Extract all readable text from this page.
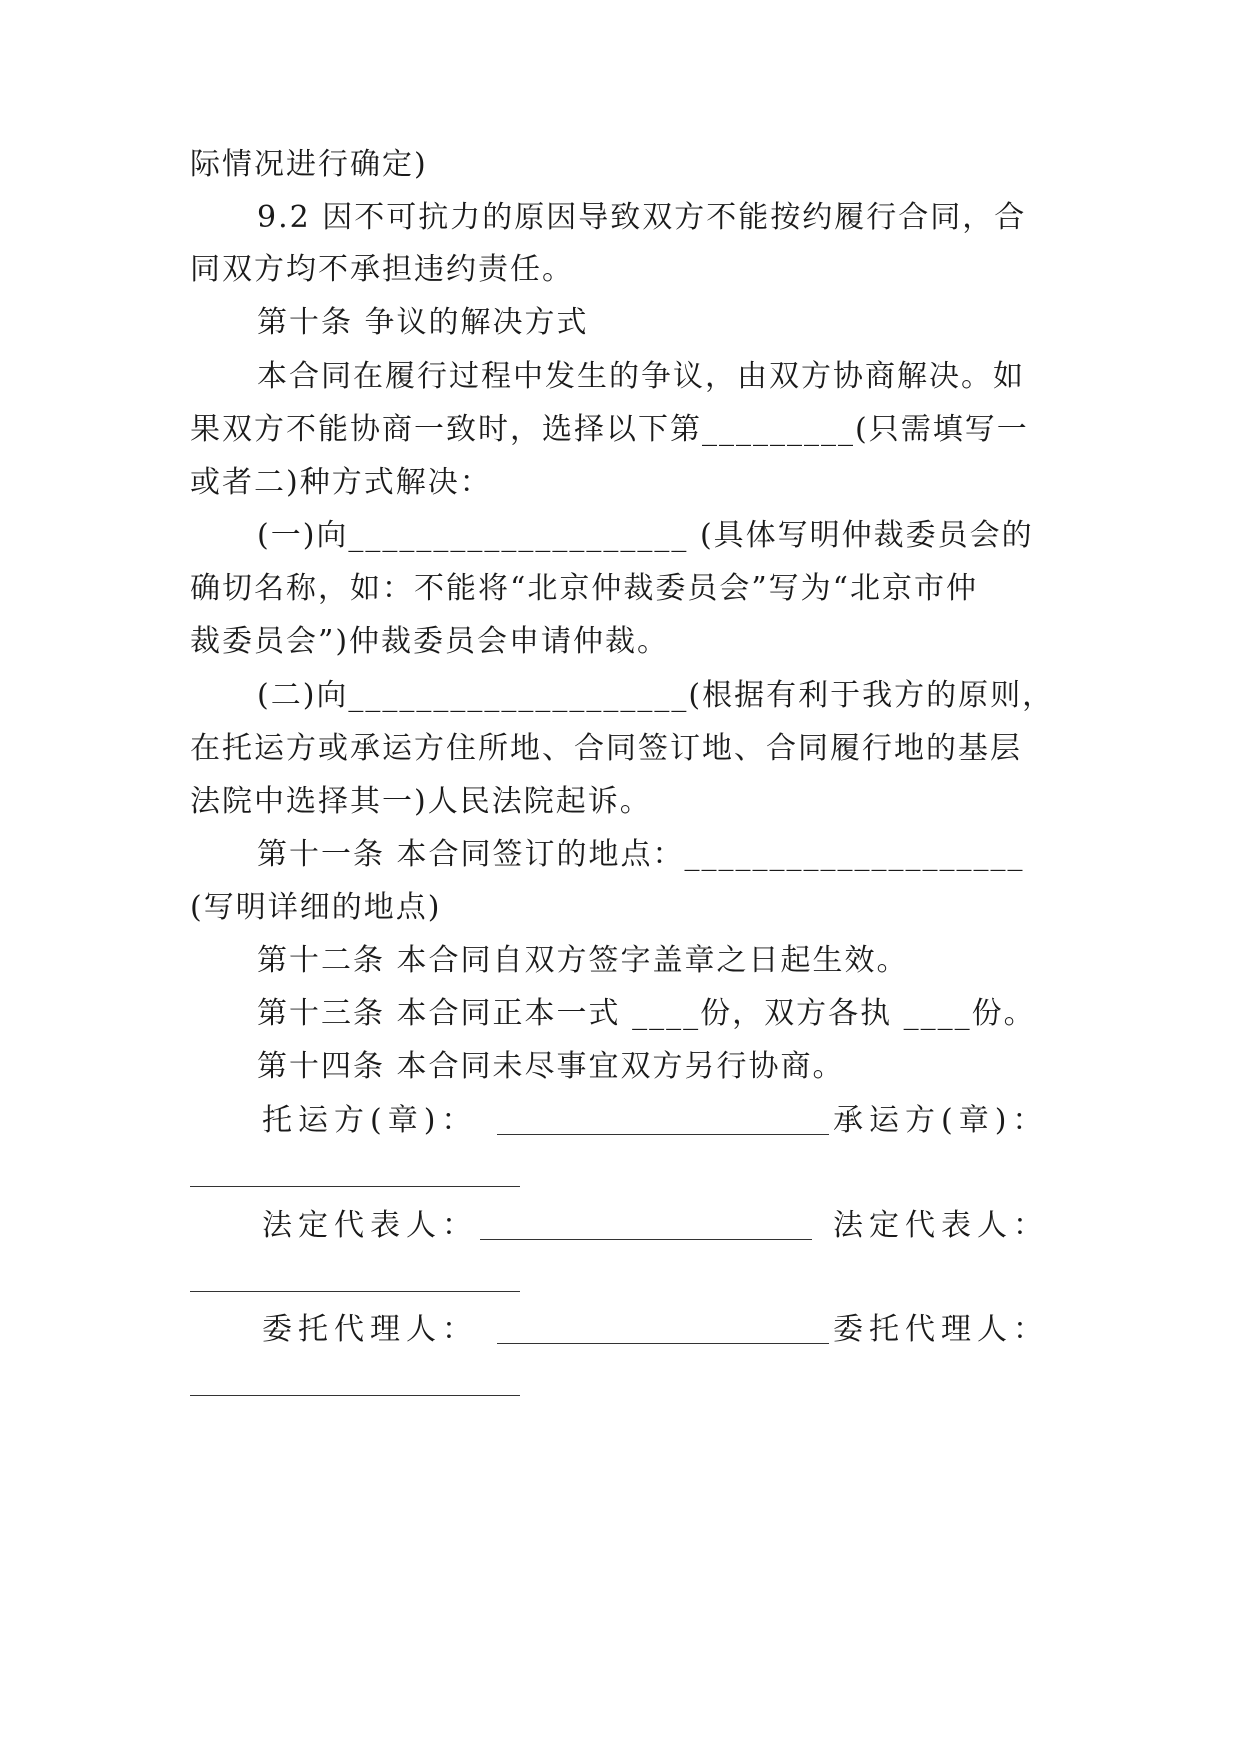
际情况进行确定)
9.2 因不可抗力的原因导致双方不能按约履行合同，合
同双方均不承担违约责任。
第十条 争议的解决方式
本合同在履行过程中发生的争议，由双方协商解决。如
果双方不能协商一致时，选择以下第_________(只需填写一
或者二)种方式解决：
(一)向____________________ (具体写明仲裁委员会的
确切名称，如：不能将“北京仲裁委员会”写为“北京市仲
裁委员会”)仲裁委员会申请仲裁。
(二)向____________________(根据有利于我方的原则，
在托运方或承运方住所地、合同签订地、合同履行地的基层
法院中选择其一)人民法院起诉。
第十一条 本合同签订的地点：____________________
(写明详细的地点)
第十二条 本合同自双方签字盖章之日起生效。
第十三条 本合同正本一式 ____份，双方各执 ____份。
第十四条 本合同未尽事宜双方另行协商。
托运方(章)：	承运方(章)：
法定代表人：	法定代表人：
委托代理人：	委托代理人：
